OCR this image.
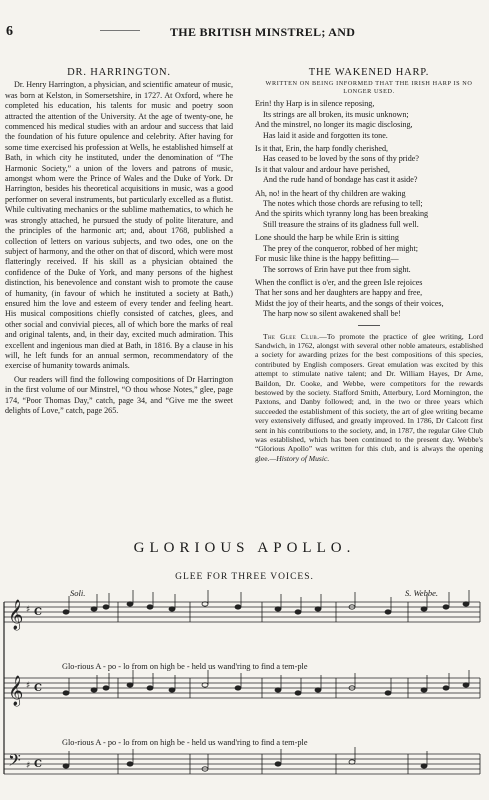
6	THE BRITISH MINSTREL; AND
DR. HARRINGTON.

Dr. Henry Harrington, a physician, and scientific amateur of music, was born at Kelston, in Somersetshire, in 1727. At Oxford, where he completed his education, his talents for music and poetry soon attracted the attention of the University. At the age of twenty-one, he commenced his medical studies with an ardour and success that laid the foundation of his future opulence and celebrity. After having for some time exercised his profession at Wells, he established himself at Bath, in which city he instituted, under the denomination of “The Harmonic Society,” a union of the lovers and patrons of music, amongst whom were the Prince of Wales and the Duke of York. Dr Harrington, besides his theoretical acquisitions in music, was a good performer on several instruments, but particularly excelled as a flutist. While cultivating mechanics or the sublime mathematics, to which he was strongly attached, he pursued the study of polite literature, and the principles of the harmonic art; and, about 1768, published a collection of letters on various subjects, and two odes, one on the subject of harmony, and the other on that of discord, which were most flatteringly received. If his skill as a physician obtained the confidence of the Duke of York, and many persons of the highest distinction, his benevolence and constant wish to promote the cause of humanity, (in favour of which he instituted a society at Bath,) ensured him the love and esteem of every tender and feeling heart. His musical compositions chiefly consisted of catches, glees, and other social and convivial pieces, all of which bore the marks of real and original talents, and, in their day, excited much admiration. This excellent and ingenious man died at Bath, in 1816. By a clause in his will, he left funds for an annual sermon, recommendatory of the exercise of humanity towards animals.

Our readers will find the following compositions of Dr Harrington in the first volume of our Minstrel, “O thou whose Notes,” glee, page 174, “Poor Thomas Day,” catch, page 34, and “Give me the sweet delights of Love,” catch, page 265.

THE WAKENED HARP.
WRITTEN ON BEING INFORMED THAT THE IRISH HARP IS NO LONGER USED.
Erin! thy Harp is in silence reposing,
Its strings are all broken, its music unknown;
And the minstrel, no longer its magic disclosing,
Has laid it aside and forgotten its tone.
Is it that, Erin, the harp fondly cherished,
Has ceased to be loved by the sons of thy pride?
Is it that valour and ardour have perished,
And the rude hand of bondage has cast it aside?
Ah, no! in the heart of thy children are waking
The notes which those chords are refusing to tell;
And the spirits which tyranny long has been breaking
Still treasure the strains of its gladness full well.
Lone should the harp be while Erin is sitting
The prey of the conqueror, robbed of her might;
For music like thine is the happy befitting—
The sorrows of Erin have put thee from sight.
When the conflict is o'er, and the green Isle rejoices
That her sons and her daughters are happy and free,
Midst the joy of their hearts, and the songs of their voices,
The harp now so silent awakened shall be!
The Glee Club.—To promote the practice of glee writing, Lord Sandwich, in 1762, alongst with several other noble amateurs, established a society for awarding prizes for the best compositions of this species, contributed by English composers. Great emulation was excited by this attempt to stimulate native talent; and Dr. William Hayes, Dr Arne, Baildon, Dr. Cooke, and Webbe, were competitors for the rewards bestowed by the society. Stafford Smith, Atterbury, Lord Mornington, the Paxtons, and Danby followed; and, in the two or three years which succeeded the establishment of this society, the art of glee writing became very extensively diffused, and greatly improved. In 1786, Dr Calcott first sent in his contributions to the society, and, in 1787, the regular Glee Club was established, which has been continued to the present day. Webbe's “Glorious Apollo” was written for this club, and is always the opening glee.—History of Music.
GLORIOUS APOLLO.
GLEE FOR THREE VOICES.
Soli.	S. Webbe.
𝄞
𝄞
𝄢
♯
♯
♯
C
C
C
Glo-rious A - po - lo from on high be - held us wand'ring to find a tem-ple
Glo-rious A - po - lo from on high be - held us wand'ring to find a tem-ple
